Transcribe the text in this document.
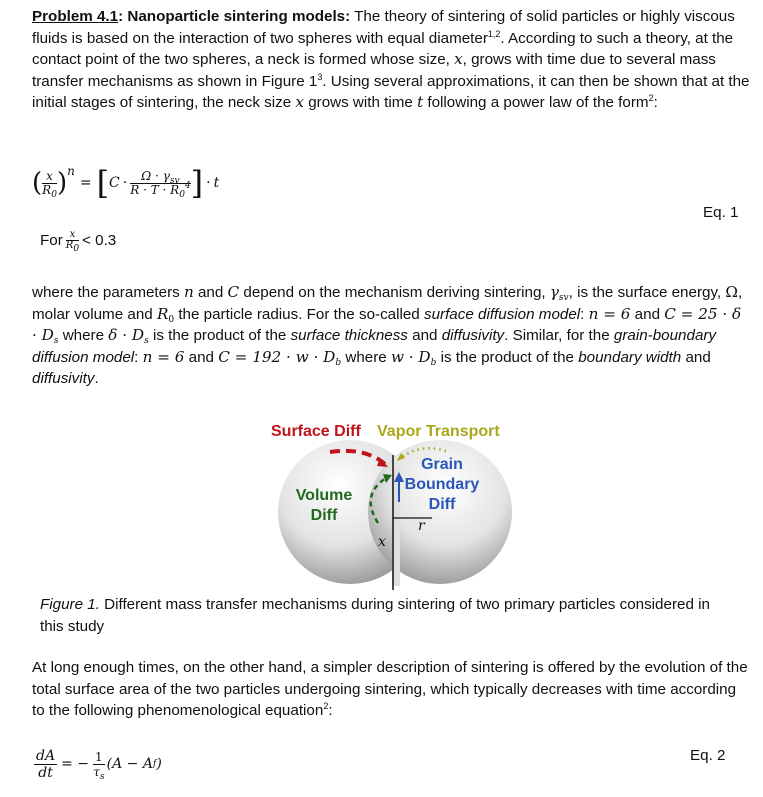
Problem 4.1: Nanoparticle sintering models: The theory of sintering of solid particles or highly viscous fluids is based on the interaction of two spheres with equal diameter$^{1,2}$. According to such a theory, at the contact point of the two spheres, a neck is formed whose size, x, grows with time due to several mass transfer mechanisms as shown in Figure $1^3$. Using several approximations, it can then be shown that at the initial stages of sintering, the neck size x grows with time t following a power law of the form$^2$:
( $\frac{x}{R_0}$ ) n
= [ $C \cdot \frac{\Omega \cdot \gamma_{sv}}{R \cdot T \cdot R_0^4}$ ] · t
Eq. 1
For $\frac{x}{R_0} < 0.3$
where the parameters n and C depend on the mechanism deriving sintering, $\gamma_{sv}$, is the surface energy, Ω, molar volume and $R_0$ the particle radius. For the so-called surface diffusion model: n = 6 and $C = 25 \cdot \delta \cdot D_s$ where $\delta \cdot D_s$ is the product of the surface thickness and diffusivity. Similar, for the grain-boundary diffusion model: n = 6 and $C = 192 \cdot w \cdot D_b$ where $w \cdot D_b$ is the product of the boundary width and diffusivity.
Surface Diff Vapor Transport
Grain
Boundary
Diff
Volume
Diff
r
x
Figure 1. Different mass transfer mechanisms during sintering of two primary particles considered in this study
At long enough times, on the other hand, a simpler description of sintering is offered by the evolution of the total surface area of the two particles undergoing sintering, which typically decreases with time according to the following phenomenological equation$^2$:
$\frac{dA}{dt}$ = − $\frac{1}{\tau_s} (A - A$ f )	Eq. 2
